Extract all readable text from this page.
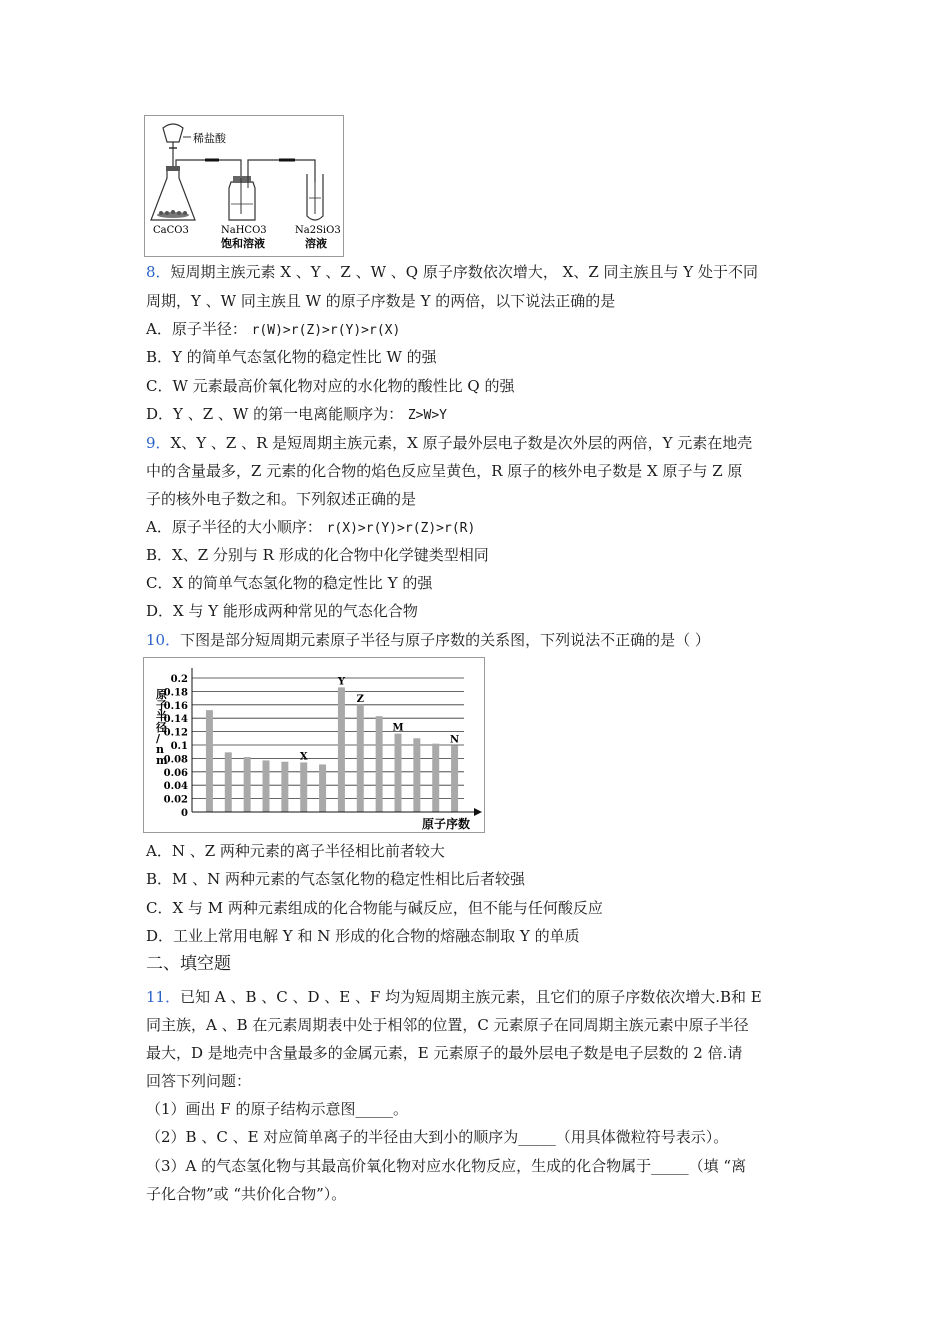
稀盐酸
CaCO3	NaHCO3
饱和溶液
Na2SiO3
溶液
8．短周期主族元素 X 、Y 、Z 、W 、Q 原子序数依次增大， X、Z 同主族且与 Y 处于不同
周期，Y 、W 同主族且 W 的原子序数是 Y 的两倍，以下说法正确的是
A．原子半径： r(W)>r(Z)>r(Y)>r(X)
B．Y 的简单气态氢化物的稳定性比 W 的强
C．W 元素最高价氧化物对应的水化物的酸性比 Q 的强
D．Y 、Z 、W 的第一电离能顺序为： Z>W>Y
9．X、Y 、Z 、R 是短周期主族元素，X 原子最外层电子数是次外层的两倍，Y 元素在地壳
中的含量最多，Z 元素的化合物的焰色反应呈黄色，R 原子的核外电子数是 X 原子与 Z 原
子的核外电子数之和。下列叙述正确的是
A．原子半径的大小顺序： r(X)>r(Y)>r(Z)>r(R)
B．X、Z 分别与 R 形成的化合物中化学键类型相同
C．X 的简单气态氢化物的稳定性比 Y 的强
D．X 与 Y 能形成两种常见的气态化合物
10．下图是部分短周期元素原子半径与原子序数的关系图，下列说法不正确的是（ ）
0.2
0.18
0.16
0.14
0.12
0.1
0.08
0.06
0.04
0.02
0
X
Y
Z
M
N
原子半径/ n m
原子序数
A．N 、Z 两种元素的离子半径相比前者较大
B．M 、N 两种元素的气态氢化物的稳定性相比后者较强
C．X 与 M 两种元素组成的化合物能与碱反应，但不能与任何酸反应
D．工业上常用电解 Y 和 N 形成的化合物的熔融态制取 Y 的单质
二、填空题
11．已知 A 、B 、C 、D 、E 、F 均为短周期主族元素，且它们的原子序数依次增大.B和 E
同主族，A 、B 在元素周期表中处于相邻的位置，C 元素原子在同周期主族元素中原子半径
最大，D 是地壳中含量最多的金属元素，E 元素原子的最外层电子数是电子层数的 2 倍.请
回答下列问题：
（1）画出 F 的原子结构示意图_____。
（2）B 、C 、E 对应简单离子的半径由大到小的顺序为_____（用具体微粒符号表示）。
（3）A 的气态氢化物与其最高价氧化物对应水化物反应，生成的化合物属于_____（填 “离
子化合物”或 “共价化合物”）。
